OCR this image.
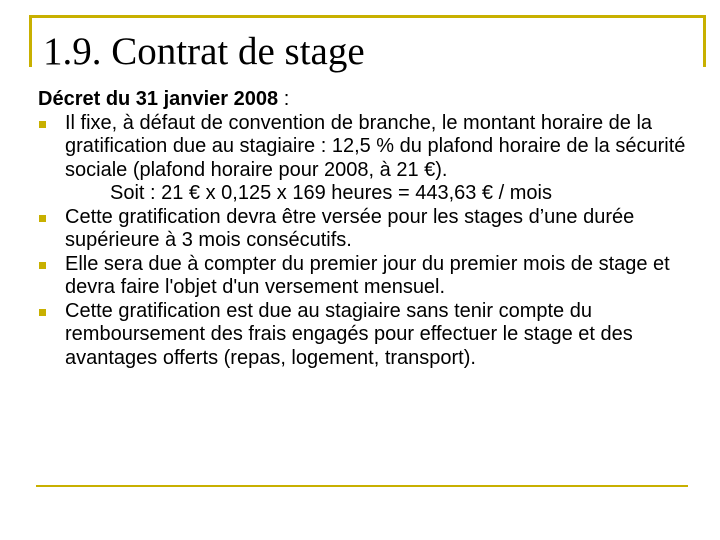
1.9. Contrat de stage

Décret du 31 janvier 2008 :

Il fixe, à défaut de convention de branche, le montant horaire de la gratification due au stagiaire : 12,5 % du plafond horaire de la sécurité sociale (plafond horaire pour 2008, à 21 €).
Soit : 21 € x 0,125 x 169 heures = 443,63 € / mois
Cette gratification devra être versée pour les stages d’une durée supérieure à 3 mois consécutifs.
Elle sera due à compter du premier jour du premier mois de stage et devra faire l'objet d'un versement mensuel.
Cette gratification est due au stagiaire sans tenir compte du remboursement des frais engagés pour effectuer le stage et des avantages offerts (repas, logement, transport).
